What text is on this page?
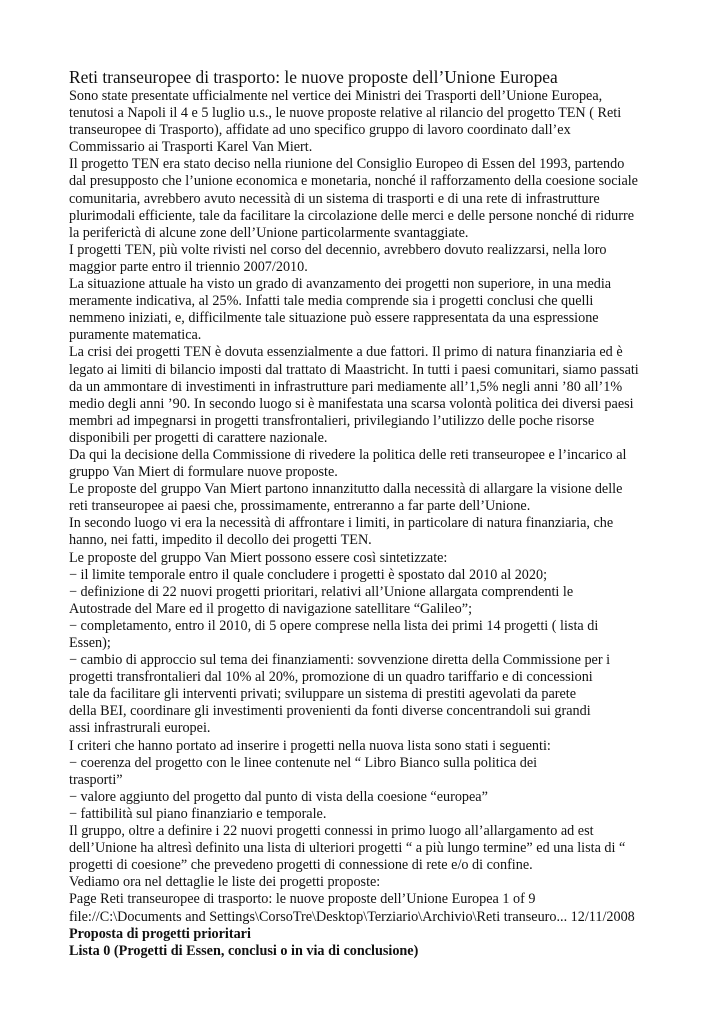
Reti transeuropee di trasporto: le nuove proposte dell’Unione Europea
Sono state presentate ufficialmente nel vertice dei Ministri dei Trasporti dell’Unione Europea,
tenutosi a Napoli il 4 e 5 luglio u.s., le nuove proposte relative al rilancio del progetto TEN ( Reti
transeuropee di Trasporto), affidate ad uno specifico gruppo di lavoro coordinato dall’ex
Commissario ai Trasporti Karel Van Miert.
Il progetto TEN era stato deciso nella riunione del Consiglio Europeo di Essen del 1993, partendo
dal presupposto che l’unione economica e monetaria, nonché il rafforzamento della coesione sociale
comunitaria, avrebbero avuto necessità di un sistema di trasporti e di una rete di infrastrutture
plurimodali efficiente, tale da facilitare la circolazione delle merci e delle persone nonché di ridurre
la periferictà di alcune zone dell’Unione particolarmente svantaggiate.
I progetti TEN, più volte rivisti nel corso del decennio, avrebbero dovuto realizzarsi, nella loro
maggior parte entro il triennio 2007/2010.
La situazione attuale ha visto un grado di avanzamento dei progetti non superiore, in una media
meramente indicativa, al 25%. Infatti tale media comprende sia i progetti conclusi che quelli
nemmeno iniziati, e, difficilmente tale situazione può essere rappresentata da una espressione
puramente matematica.
La crisi dei progetti TEN è dovuta essenzialmente a due fattori. Il primo di natura finanziaria ed è
legato ai limiti di bilancio imposti dal trattato di Maastricht. In tutti i paesi comunitari, siamo passati
da un ammontare di investimenti in infrastrutture pari mediamente all’1,5% negli anni ’80 all’1%
medio degli anni ’90. In secondo luogo si è manifestata una scarsa volontà politica dei diversi paesi
membri ad impegnarsi in progetti transfrontalieri, privilegiando l’utilizzo delle poche risorse
disponibili per progetti di carattere nazionale.
Da qui la decisione della Commissione di rivedere la politica delle reti transeuropee e l’incarico al
gruppo Van Miert di formulare nuove proposte.
Le proposte del gruppo Van Miert partono innanzitutto dalla necessità di allargare la visione delle
reti transeuropee ai paesi che, prossimamente, entreranno a far parte dell’Unione.
In secondo luogo vi era la necessità di affrontare i limiti, in particolare di natura finanziaria, che
hanno, nei fatti, impedito il decollo dei progetti TEN.
Le proposte del gruppo Van Miert possono essere così sintetizzate:
− il limite temporale entro il quale concludere i progetti è spostato dal 2010 al 2020;
− definizione di 22 nuovi progetti prioritari, relativi all’Unione allargata comprendenti le
Autostrade del Mare ed il progetto di navigazione satellitare “Galileo”;
− completamento, entro il 2010, di 5 opere comprese nella lista dei primi 14 progetti ( lista di
Essen);
− cambio di approccio sul tema dei finanziamenti: sovvenzione diretta della Commissione per i
progetti transfrontalieri dal 10% al 20%, promozione di un quadro tariffario e di concessioni
tale da facilitare gli interventi privati; sviluppare un sistema di prestiti agevolati da parete
della BEI, coordinare gli investimenti provenienti da fonti diverse concentrandoli sui grandi
assi infrastrurali europei.
I criteri che hanno portato ad inserire i progetti nella nuova lista sono stati i seguenti:
− coerenza del progetto con le linee contenute nel “ Libro Bianco sulla politica dei
trasporti”
− valore aggiunto del progetto dal punto di vista della coesione “europea”
− fattibilità sul piano finanziario e temporale.
Il gruppo, oltre a definire i 22 nuovi progetti connessi in primo luogo all’allargamento ad est
dell’Unione ha altresì definito una lista di ulteriori progetti “ a più lungo termine” ed una lista di “
progetti di coesione” che prevedeno progetti di connessione di rete e/o di confine.
Vediamo ora nel dettaglie le liste dei progetti proposte:
Page Reti transeuropee di trasporto: le nuove proposte dell’Unione Europea 1 of 9
file://C:\Documents and Settings\CorsoTre\Desktop\Terziario\Archivio\Reti transeuro... 12/11/2008
Proposta di progetti prioritari
Lista 0 (Progetti di Essen, conclusi o in via di conclusione)
